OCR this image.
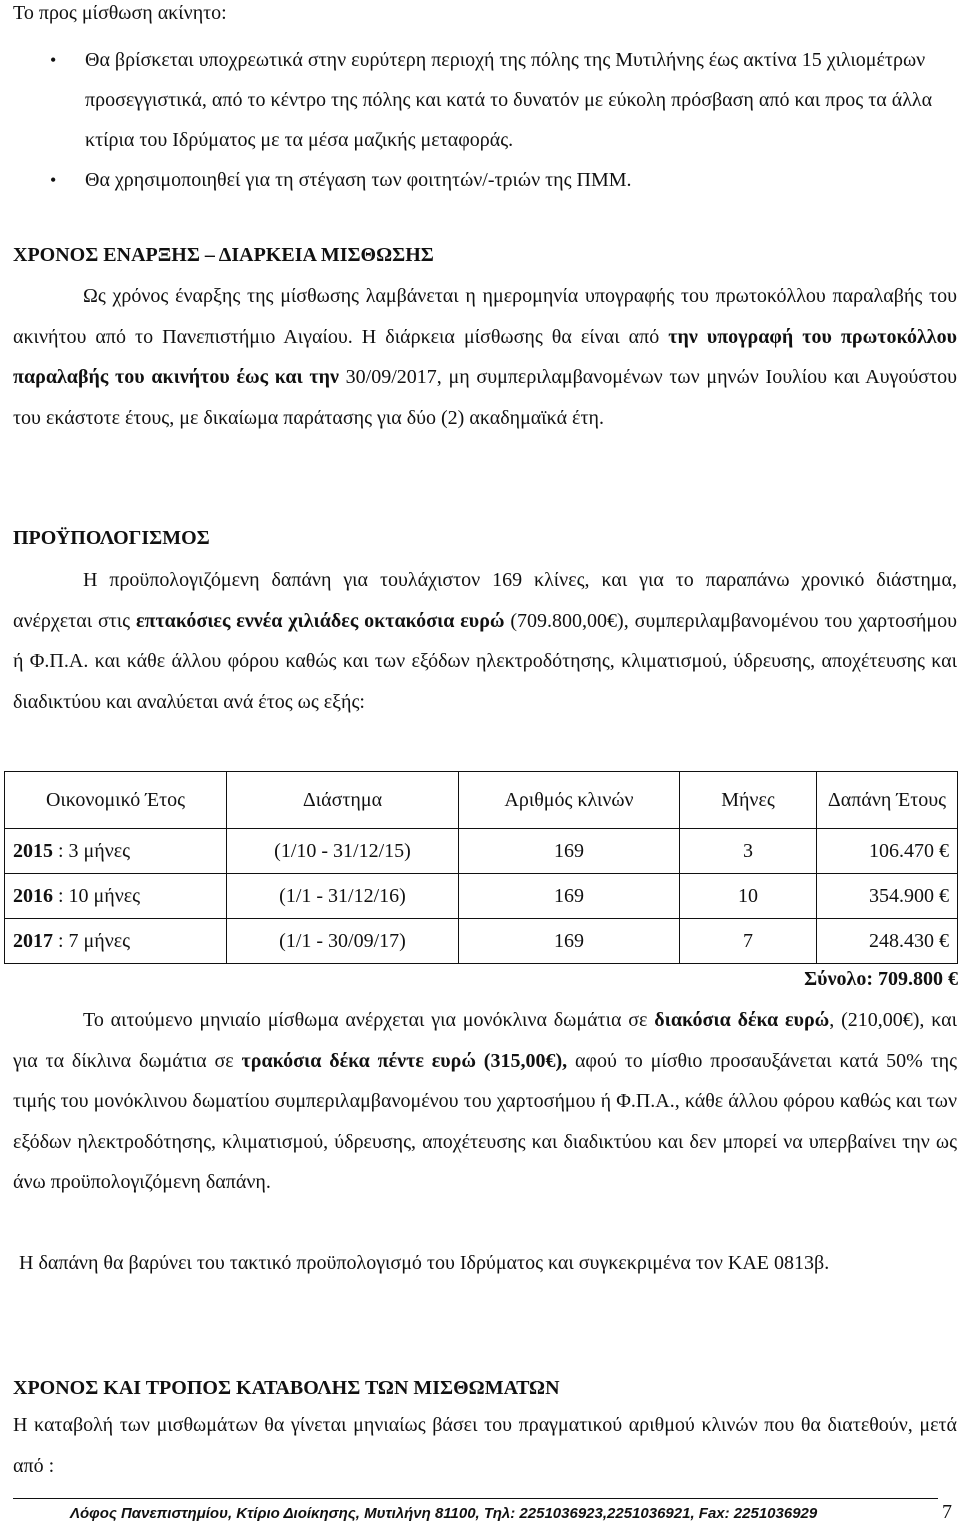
Το προς μίσθωση ακίνητο:

• Θα βρίσκεται υποχρεωτικά στην ευρύτερη περιοχή της πόλης της Μυτιλήνης έως ακτίνα 15 χιλιομέτρων προσεγγιστικά, από το κέντρο της πόλης και κατά το δυνατόν με εύκολη πρόσβαση από και προς τα άλλα κτίρια του Ιδρύματος με τα μέσα μαζικής μεταφοράς.
• Θα χρησιμοποιηθεί για τη στέγαση των φοιτητών/-τριών της ΠΜΜ.

ΧΡΟΝΟΣ ΕΝΑΡΞΗΣ – ΔΙΑΡΚΕΙΑ ΜΙΣΘΩΣΗΣ

Ως χρόνος έναρξης της μίσθωσης λαμβάνεται η ημερομηνία υπογραφής του πρωτοκόλλου παραλαβής του ακινήτου από το Πανεπιστήμιο Αιγαίου. Η διάρκεια μίσθωσης θα είναι από την υπογραφή του πρωτοκόλλου παραλαβής του ακινήτου έως και την 30/09/2017, μη συμπεριλαμβανομένων των μηνών Ιουλίου και Αυγούστου του εκάστοτε έτους, με δικαίωμα παράτασης για δύο (2) ακαδημαϊκά έτη.

ΠΡΟΫΠΟΛΟΓΙΣΜΟΣ

Η προϋπολογιζόμενη δαπάνη για τουλάχιστον 169 κλίνες, και για το παραπάνω χρονικό διάστημα, ανέρχεται στις επτακόσιες εννέα χιλιάδες οκτακόσια ευρώ (709.800,00€), συμπεριλαμβανομένου του χαρτοσήμου ή Φ.Π.Α. και κάθε άλλου φόρου καθώς και των εξόδων ηλεκτροδότησης, κλιματισμού, ύδρευσης, αποχέτευσης και διαδικτύου και αναλύεται ανά έτος ως εξής:

Οικονομικό Έτος	Διάστημα	Αριθμός κλινών	Μήνες	Δαπάνη Έτους
2015 : 3 μήνες	(1/10 - 31/12/15)	169	3	106.470 €
2016 : 10 μήνες	(1/1 - 31/12/16)	169	10	354.900 €
2017 : 7 μήνες	(1/1 - 30/09/17)	169	7	248.430 €

Σύνολο: 709.800 €

Το αιτούμενο μηνιαίο μίσθωμα ανέρχεται για μονόκλινα δωμάτια σε διακόσια δέκα ευρώ, (210,00€), και για τα δίκλινα δωμάτια σε τρακόσια δέκα πέντε ευρώ (315,00€), αφού το μίσθιο προσαυξάνεται κατά 50% της τιμής του μονόκλινου δωματίου συμπεριλαμβανομένου του χαρτοσήμου ή Φ.Π.Α., κάθε άλλου φόρου καθώς και των εξόδων ηλεκτροδότησης, κλιματισμού, ύδρευσης, αποχέτευσης και διαδικτύου και δεν μπορεί να υπερβαίνει την ως άνω προϋπολογιζόμενη δαπάνη.

Η δαπάνη θα βαρύνει του τακτικό προϋπολογισμό του Ιδρύματος και συγκεκριμένα τον ΚΑΕ 0813β.

ΧΡΟΝΟΣ ΚΑΙ ΤΡΟΠΟΣ ΚΑΤΑΒΟΛΗΣ ΤΩΝ ΜΙΣΘΩΜΑΤΩΝ

Η καταβολή των μισθωμάτων θα γίνεται μηνιαίως βάσει του πραγματικού αριθμού κλινών που θα διατεθούν, μετά από :

Λόφος Πανεπιστημίου, Κτίριο Διοίκησης, Μυτιλήνη 81100, Τηλ: 2251036923,2251036921, Fax: 2251036929	7
